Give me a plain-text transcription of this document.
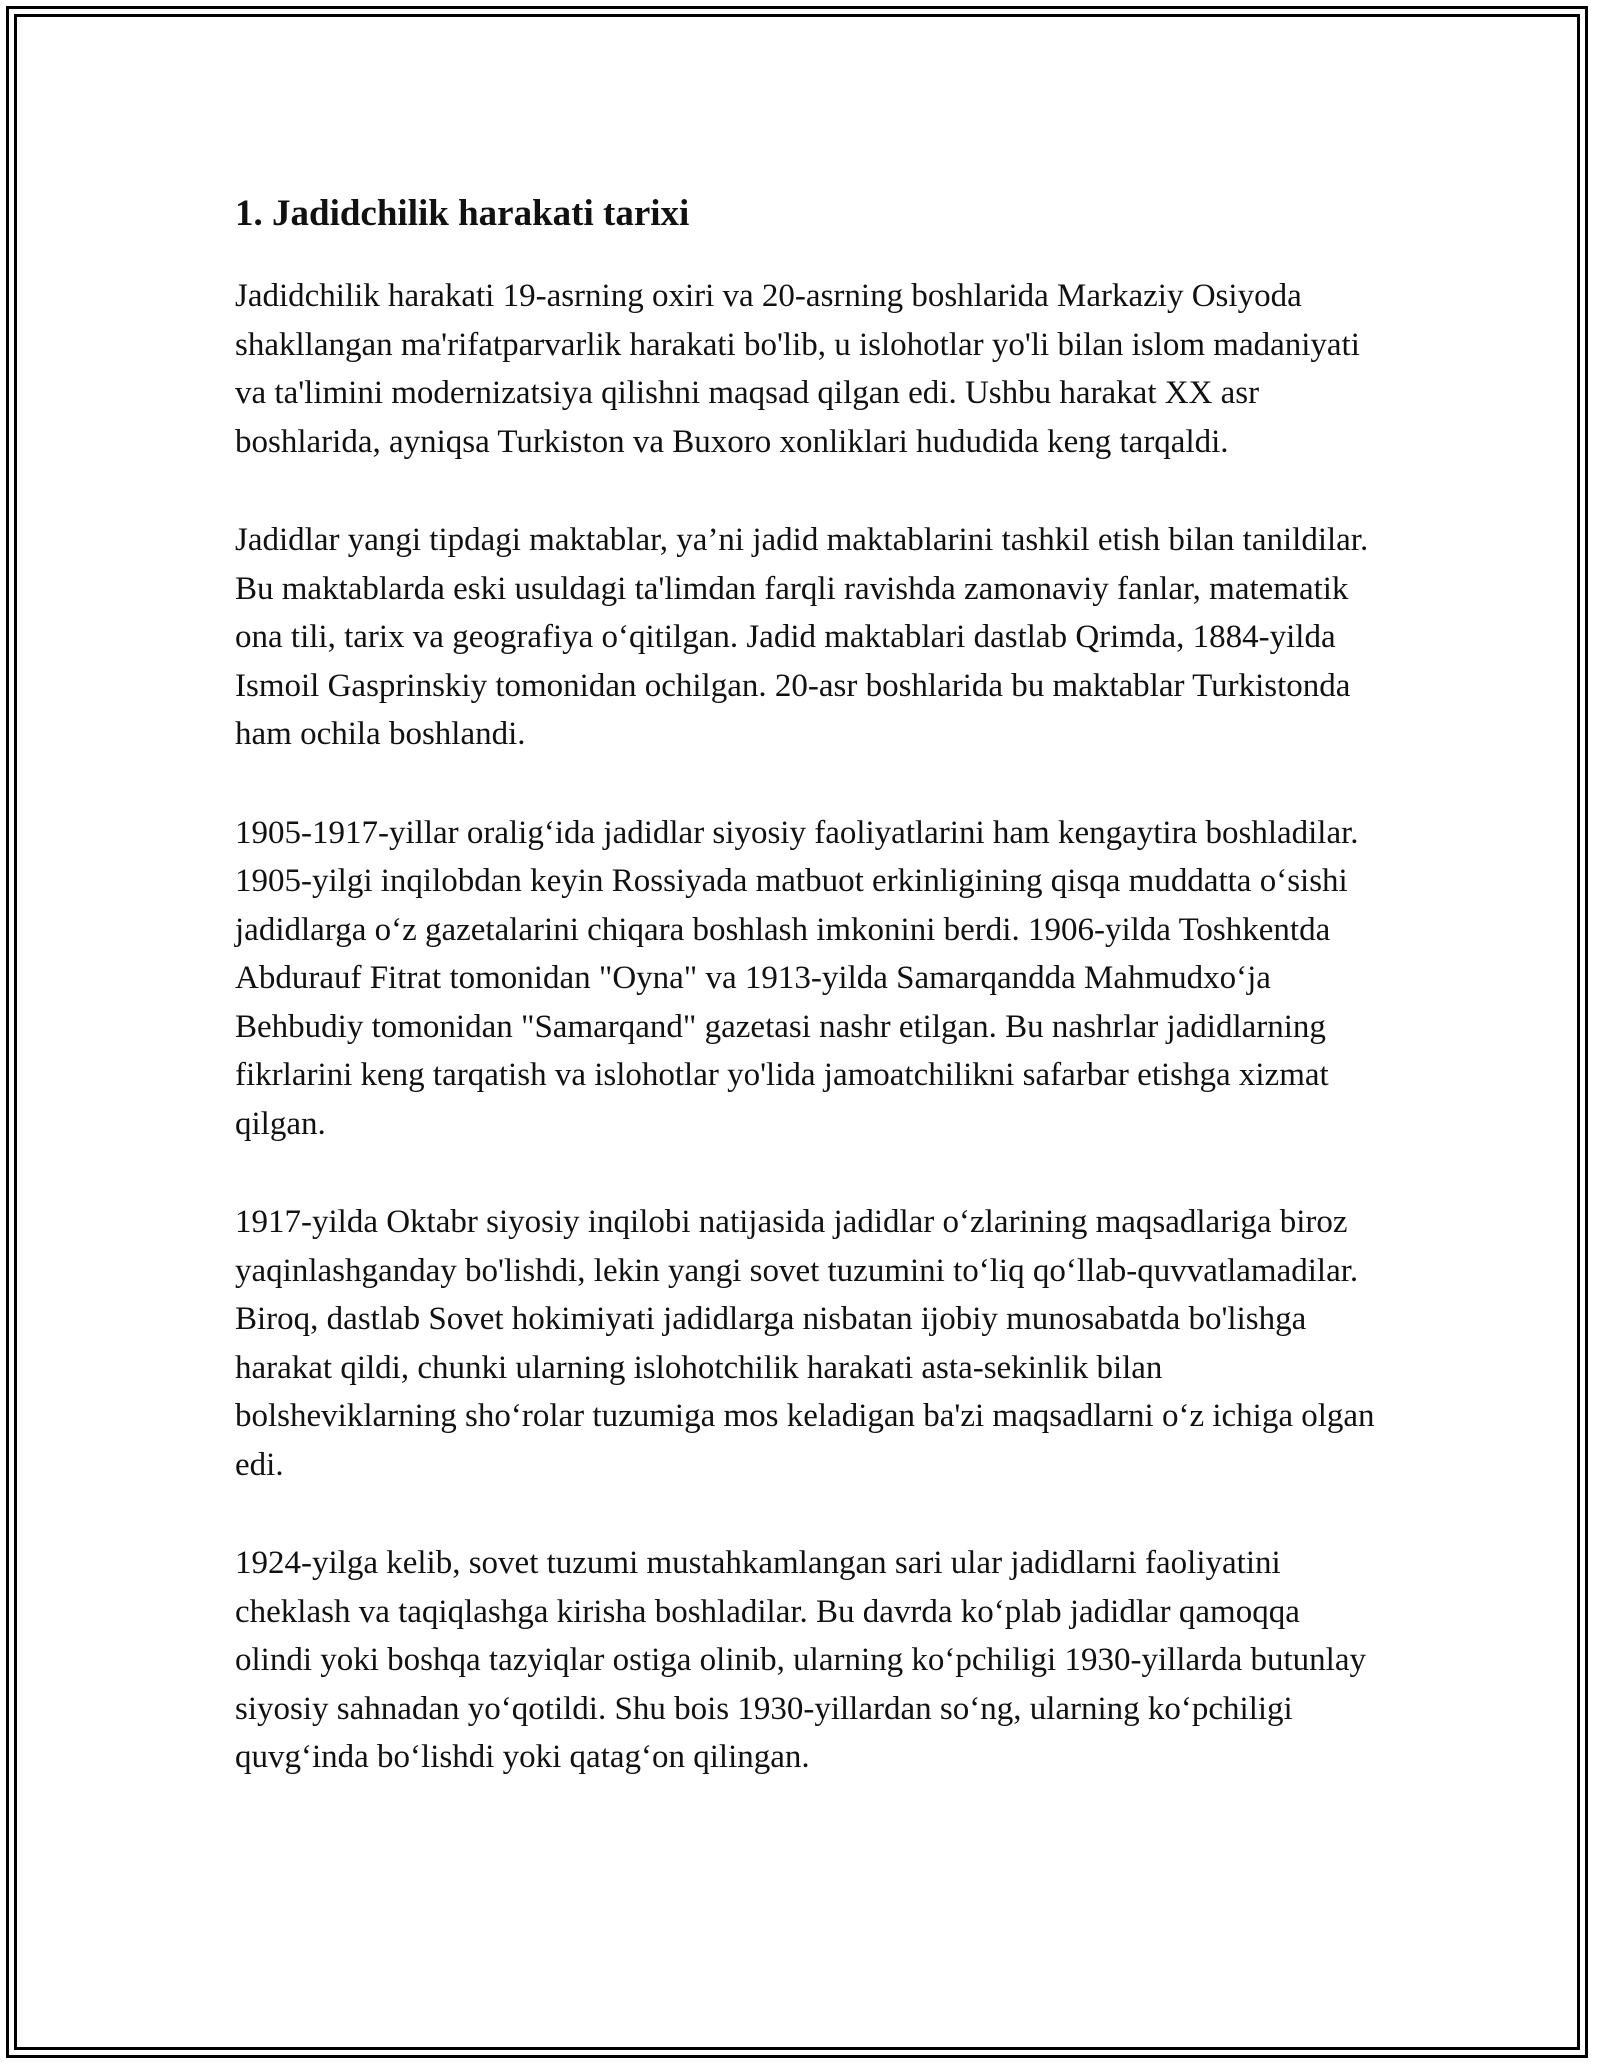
1. Jadidchilik harakati tarixi

Jadidchilik harakati 19-asrning oxiri va 20-asrning boshlarida Markaziy Osiyoda shakllangan ma'rifatparvarlik harakati bo'lib, u islohotlar yo'li bilan islom madaniyati va ta'limini modernizatsiya qilishni maqsad qilgan edi. Ushbu harakat XX asr boshlarida, ayniqsa Turkiston va Buxoro xonliklari hududida keng tarqaldi.

Jadidlar yangi tipdagi maktablar, ya’ni jadid maktablarini tashkil etish bilan tanildilar. Bu maktablarda eski usuldagi ta'limdan farqli ravishda zamonaviy fanlar, matematik ona tili, tarix va geografiya o‘qitilgan. Jadid maktablari dastlab Qrimda, 1884-yilda Ismoil Gasprinskiy tomonidan ochilgan. 20-asr boshlarida bu maktablar Turkistonda ham ochila boshlandi.

1905-1917-yillar oralig‘ida jadidlar siyosiy faoliyatlarini ham kengaytira boshladilar. 1905-yilgi inqilobdan keyin Rossiyada matbuot erkinligining qisqa muddatta o‘sishi jadidlarga o‘z gazetalarini chiqara boshlash imkonini berdi. 1906-yilda Toshkentda Abdurauf Fitrat tomonidan "Oyna" va 1913-yilda Samarqandda Mahmudxo‘ja Behbudiy tomonidan "Samarqand" gazetasi nashr etilgan. Bu nashrlar jadidlarning fikrlarini keng tarqatish va islohotlar yo'lida jamoatchilikni safarbar etishga xizmat qilgan.

1917-yilda Oktabr siyosiy inqilobi natijasida jadidlar o‘zlarining maqsadlariga biroz yaqinlashganday bo'lishdi, lekin yangi sovet tuzumini to‘liq qo‘llab-quvvatlamadilar. Biroq, dastlab Sovet hokimiyati jadidlarga nisbatan ijobiy munosabatda bo'lishga harakat qildi, chunki ularning islohotchilik harakati asta-sekinlik bilan bolsheviklarning sho‘rolar tuzumiga mos keladigan ba'zi maqsadlarni o‘z ichiga olgan edi.

1924-yilga kelib, sovet tuzumi mustahkamlangan sari ular jadidlarni faoliyatini cheklash va taqiqlashga kirisha boshladilar. Bu davrda ko‘plab jadidlar qamoqqa olindi yoki boshqa tazyiqlar ostiga olinib, ularning ko‘pchiligi 1930-yillarda butunlay siyosiy sahnadan yo‘qotildi. Shu bois 1930-yillardan so‘ng, ularning ko‘pchiligi quvg‘inda bo‘lishdi yoki qatag‘on qilingan.
